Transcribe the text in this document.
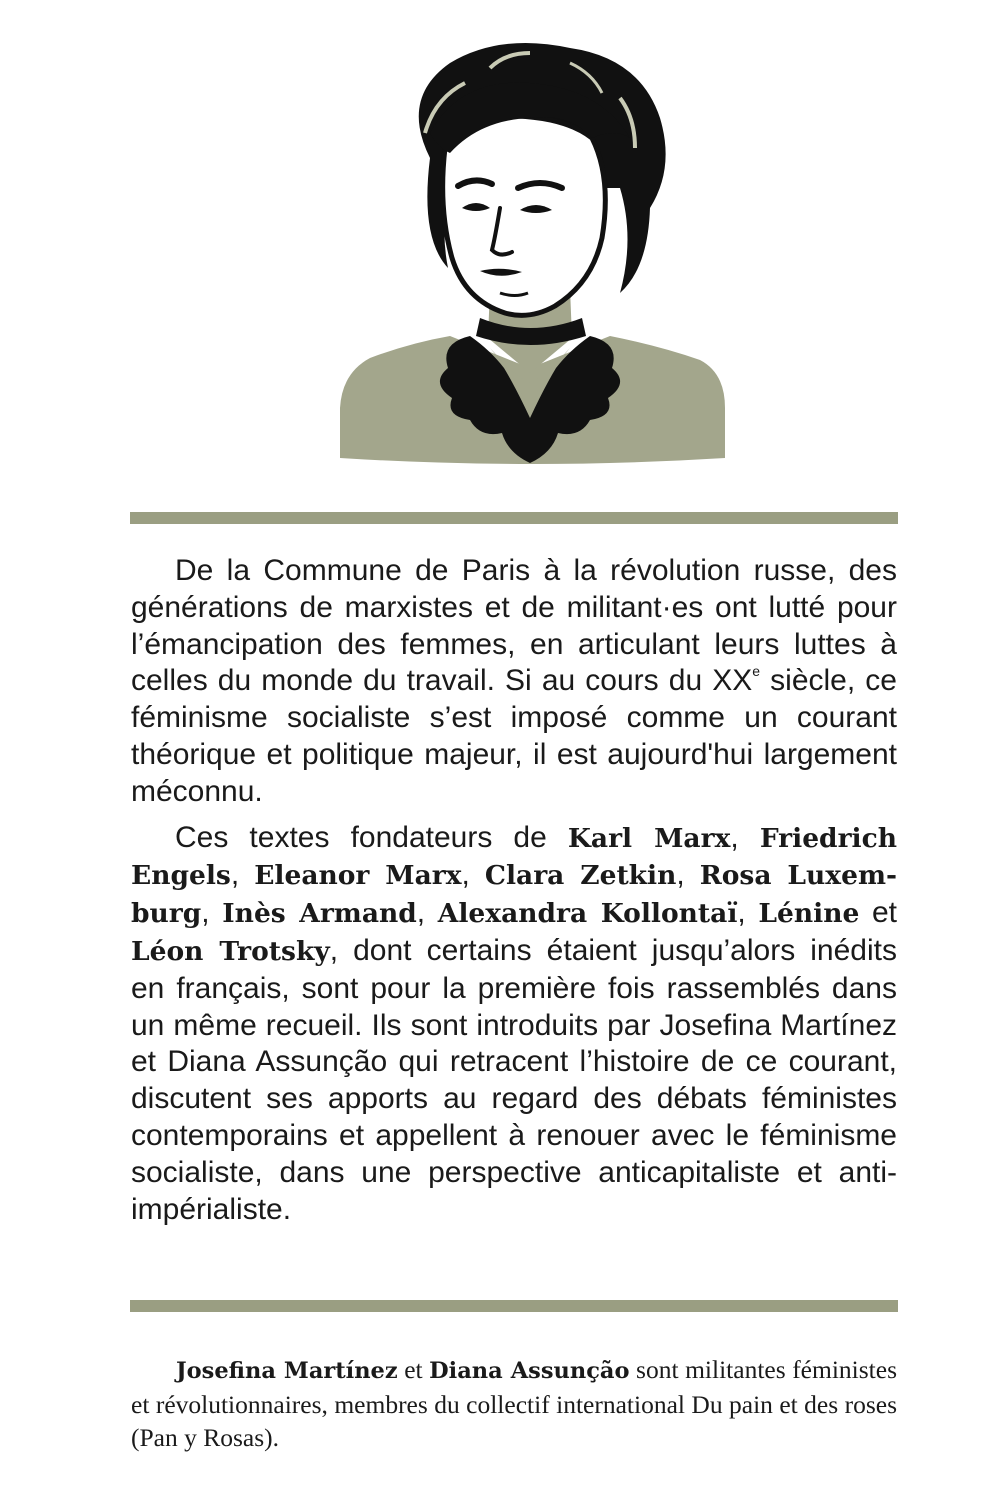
De la Commune de Paris à la révolution russe, des générations de marxistes et de militant·es ont lutté pour l’émancipation des femmes, en articulant leurs luttes à celles du monde du travail. Si au cours du XXe siècle, ce féminisme socialiste s’est imposé comme un courant théorique et politique majeur, il est aujourd'hui largement méconnu.

Ces textes fondateurs de Karl Marx, Friedrich Engels, Eleanor Marx, Clara Zetkin, Rosa Luxemburg, Inès Armand, Alexandra Kollontaï, Lénine et Léon Trotsky, dont certains étaient jusqu’alors inédits en français, sont pour la première fois rassemblés dans un même recueil. Ils sont introduits par Josefina Martínez et Diana Assunção qui retracent l’histoire de ce courant, discutent ses apports au regard des débats féministes contemporains et appellent à renouer avec le féminisme socialiste, dans une perspective anticapitaliste et anti-impérialiste.

Josefina Martínez et Diana Assunção sont militantes féministes et révolutionnaires, membres du collectif international Du pain et des roses (Pan y Rosas).
